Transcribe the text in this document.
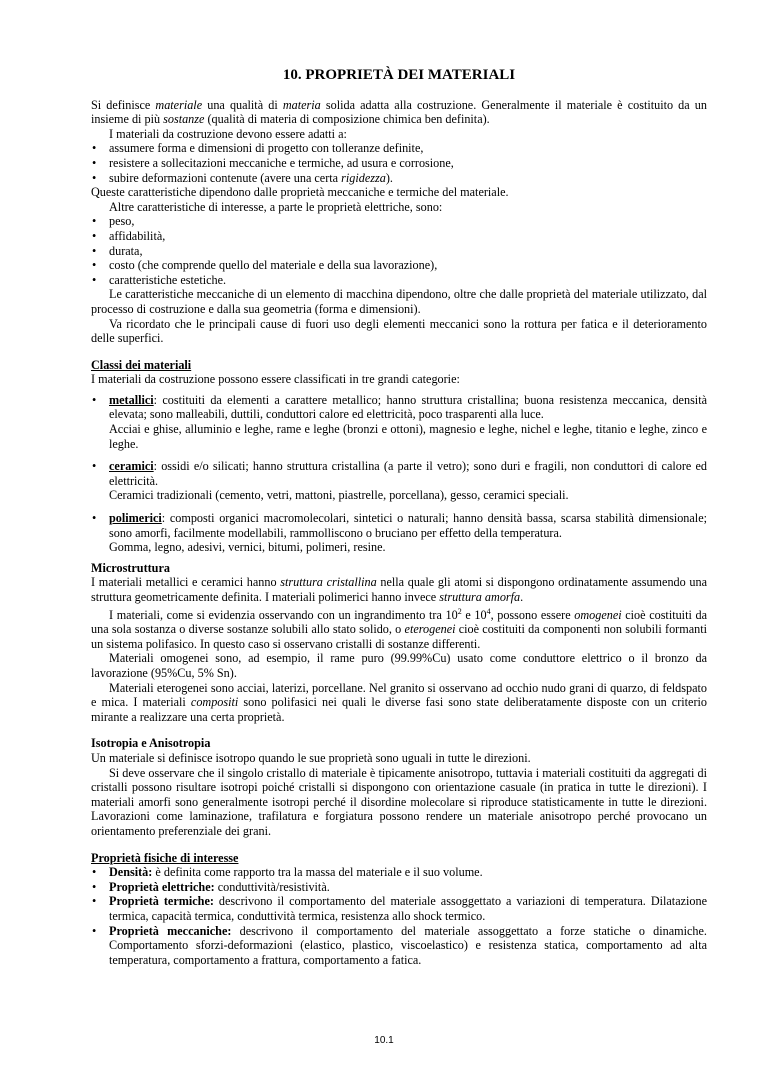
10. PROPRIETÀ DEI MATERIALI

Si definisce materiale una qualità di materia solida adatta alla costruzione. Generalmente il materiale è costituito da un insieme di più sostanze (qualità di materia di composizione chimica ben definita).

I materiali da costruzione devono essere adatti a:

• assumere forma e dimensioni di progetto con tolleranze definite,
• resistere a sollecitazioni meccaniche e termiche, ad usura e corrosione,
• subire deformazioni contenute (avere una certa rigidezza).

Queste caratteristiche dipendono dalle proprietà meccaniche e termiche del materiale.

Altre caratteristiche di interesse, a parte le proprietà elettriche, sono:

• peso,
• affidabilità,
• durata,
• costo (che comprende quello del materiale e della sua lavorazione),
• caratteristiche estetiche.

Le caratteristiche meccaniche di un elemento di macchina dipendono, oltre che dalle proprietà del materiale utilizzato, dal processo di costruzione e dalla sua geometria (forma e dimensioni).

Va ricordato che le principali cause di fuori uso degli elementi meccanici sono la rottura per fatica e il deterioramento delle superfici.

Classi dei materiali

I materiali da costruzione possono essere classificati in tre grandi categorie:

• metallici: costituiti da elementi a carattere metallico; hanno struttura cristallina; buona resistenza meccanica, densità elevata; sono malleabili, duttili, conduttori calore ed elettricità, poco trasparenti alla luce.
Acciai e ghise, alluminio e leghe, rame e leghe (bronzi e ottoni), magnesio e leghe, nichel e leghe, titanio e leghe, zinco e leghe.
• ceramici: ossidi e/o silicati; hanno struttura cristallina (a parte il vetro); sono duri e fragili, non conduttori di calore ed elettricità.
Ceramici tradizionali (cemento, vetri, mattoni, piastrelle, porcellana), gesso, ceramici speciali.
• polimerici: composti organici macromolecolari, sintetici o naturali; hanno densità bassa, scarsa stabilità dimensionale; sono amorfi, facilmente modellabili, rammolliscono o bruciano per effetto della temperatura.
Gomma, legno, adesivi, vernici, bitumi, polimeri, resine.
Microstruttura

I materiali metallici e ceramici hanno struttura cristallina nella quale gli atomi si dispongono ordinatamente assumendo una struttura geometricamente definita. I materiali polimerici hanno invece struttura amorfa.

I materiali, come si evidenzia osservando con un ingrandimento tra $10^2$ e $10^4$, possono essere omogenei cioè costituiti da una sola sostanza o diverse sostanze solubili allo stato solido, o eterogenei cioè costituiti da componenti non solubili formanti un sistema polifasico. In questo caso si osservano cristalli di sostanze differenti.

Materiali omogenei sono, ad esempio, il rame puro (99.99%Cu) usato come conduttore elettrico o il bronzo da lavorazione (95%Cu, 5% Sn).

Materiali eterogenei sono acciai, laterizi, porcellane. Nel granito si osservano ad occhio nudo grani di quarzo, di feldspato e mica. I materiali compositi sono polifasici nei quali le diverse fasi sono state deliberatamente disposte con un criterio mirante a realizzare una certa proprietà.

Isotropia e Anisotropia

Un materiale si definisce isotropo quando le sue proprietà sono uguali in tutte le direzioni.

Si deve osservare che il singolo cristallo di materiale è tipicamente anisotropo, tuttavia i materiali costituiti da aggregati di cristalli possono risultare isotropi poiché cristalli si dispongono con orientazione casuale (in pratica in tutte le direzioni). I materiali amorfi sono generalmente isotropi perché il disordine molecolare si riproduce statisticamente in tutte le direzioni. Lavorazioni come laminazione, trafilatura e forgiatura possono rendere un materiale anisotropo perché provocano un orientamento preferenziale dei grani.

Proprietà fisiche di interesse
• Densità: è definita come rapporto tra la massa del materiale e il suo volume.
• Proprietà elettriche: conduttività/resistività.
• Proprietà termiche: descrivono il comportamento del materiale assoggettato a variazioni di temperatura. Dilatazione termica, capacità termica, conduttività termica, resistenza allo shock termico.
• Proprietà meccaniche: descrivono il comportamento del materiale assoggettato a forze statiche o dinamiche. Comportamento sforzi-deformazioni (elastico, plastico, viscoelastico) e resistenza statica, comportamento ad alta temperatura, comportamento a frattura, comportamento a fatica.
10.1
